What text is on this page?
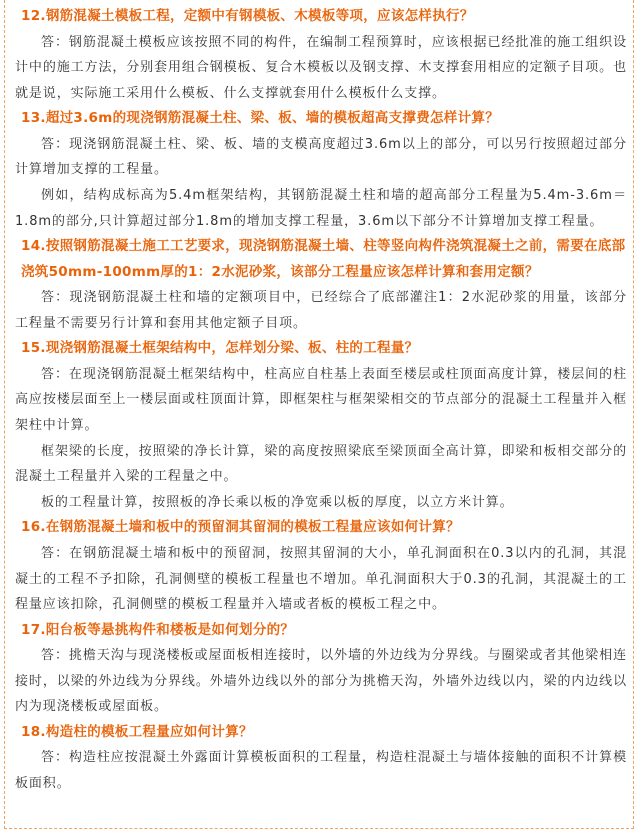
12.钢筋混凝土模板工程，定额中有钢模板、木模板等项，应该怎样执行？

答：钢筋混凝土模板应该按照不同的构件，在编制工程预算时，应该根据已经批准的施工组织设计中的施工方法，分别套用组合钢模板、复合木模板以及钢支撑、木支撑套用相应的定额子目项。也就是说，实际施工采用什么模板、什么支撑就套用什么模板什么支撑。

13.超过3.6m的现浇钢筋混凝土柱、梁、板、墙的模板超高支撑费怎样计算？

答：现浇钢筋混凝土柱、梁、板、墙的支模高度超过3.6m以上的部分，可以另行按照超过部分计算增加支撑的工程量。

例如，结构成标高为5.4m框架结构，其钢筋混凝土柱和墙的超高部分工程量为5.4m-3.6m＝1.8m的部分,只计算超过部分1.8m的增加支撑工程量，3.6m以下部分不计算增加支撑工程量。

14.按照钢筋混凝土施工工艺要求，现浇钢筋混凝土墙、柱等竖向构件浇筑混凝土之前，需要在底部浇筑50mm-100mm厚的1：2水泥砂浆，该部分工程量应该怎样计算和套用定额？

答：现浇钢筋混凝土柱和墙的定额项目中，已经综合了底部灌注1：2水泥砂浆的用量，该部分工程量不需要另行计算和套用其他定额子目项。

15.现浇钢筋混凝土框架结构中，怎样划分梁、板、柱的工程量？

答：在现浇钢筋混凝土框架结构中，柱高应自柱基上表面至楼层或柱顶面高度计算，楼层间的柱高应按楼层面至上一楼层面或柱顶面计算，即框架柱与框架梁相交的节点部分的混凝土工程量并入框架柱中计算。

框架梁的长度，按照梁的净长计算，梁的高度按照梁底至梁顶面全高计算，即梁和板相交部分的混凝土工程量并入梁的工程量之中。

板的工程量计算，按照板的净长乘以板的净宽乘以板的厚度，以立方米计算。

16.在钢筋混凝土墙和板中的预留洞其留洞的模板工程量应该如何计算？

答：在钢筋混凝土墙和板中的预留洞，按照其留洞的大小，单孔洞面积在0.3以内的孔洞，其混凝土的工程不予扣除，孔洞侧壁的模板工程量也不增加。单孔洞面积大于0.3的孔洞，其混凝土的工程量应该扣除，孔洞侧壁的模板工程量并入墙或者板的模板工程之中。

17.阳台板等悬挑构件和楼板是如何划分的？

答：挑檐天沟与现浇楼板或屋面板相连接时，以外墙的外边线为分界线。与圈梁或者其他梁相连接时，以梁的外边线为分界线。外墙外边线以外的部分为挑檐天沟，外墙外边线以内，梁的内边线以内为现浇楼板或屋面板。

18.构造柱的模板工程量应如何计算？

答：构造柱应按混凝土外露面计算模板面积的工程量，构造柱混凝土与墙体接触的面积不计算模板面积。
